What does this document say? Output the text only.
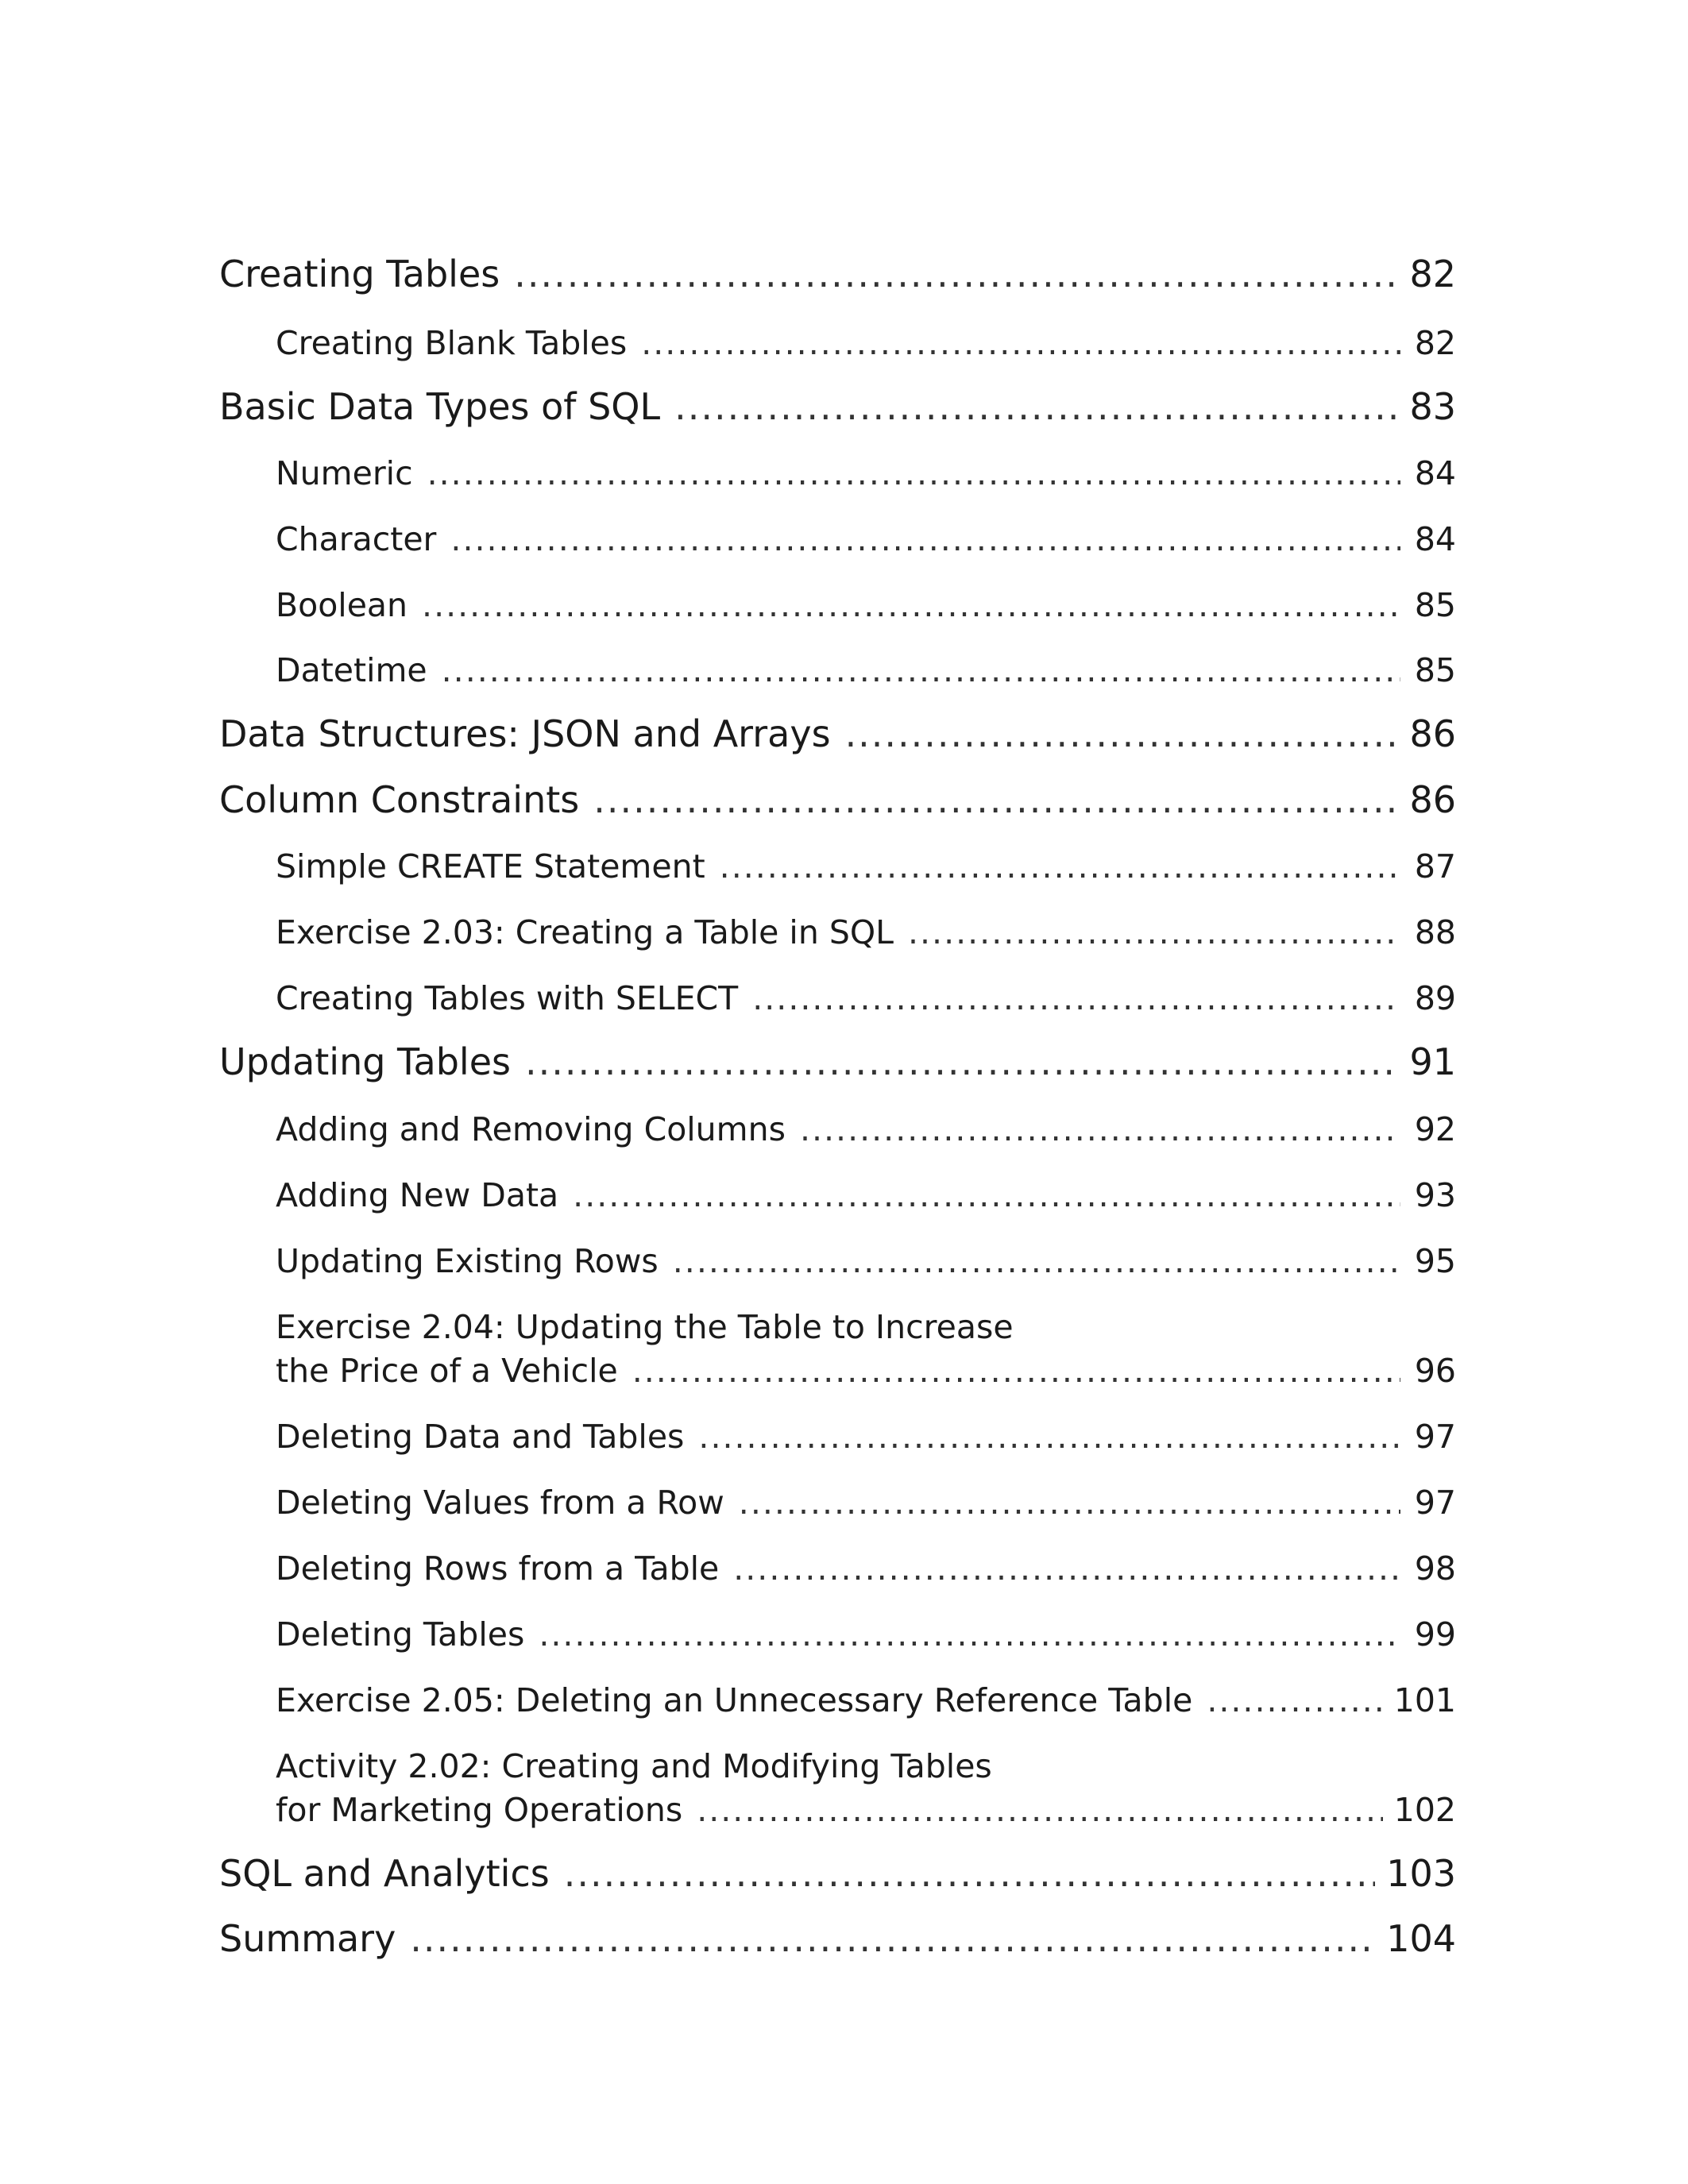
Creating Tables .....	82
Creating Blank Tables .....	82
Basic Data Types of SQL .....	83
Numeric .....	84
Character .....	84
Boolean .....	85
Datetime .....	85
Data Structures: JSON and Arrays .....	86
Column Constraints .....	86
Simple CREATE Statement .....	87
Exercise 2.03: Creating a Table in SQL .....	88
Creating Tables with SELECT .....	89
Updating Tables .....	91
Adding and Removing Columns .....	92
Adding New Data .....	93
Updating Existing Rows .....	95
Exercise 2.04: Updating the Table to Increase
the Price of a Vehicle .....	96
Deleting Data and Tables .....	97
Deleting Values from a Row .....	97
Deleting Rows from a Table .....	98
Deleting Tables .....	99
Exercise 2.05: Deleting an Unnecessary Reference Table .....	101
Activity 2.02: Creating and Modifying Tables
for Marketing Operations .....	102
SQL and Analytics .....	103
Summary .....	104
